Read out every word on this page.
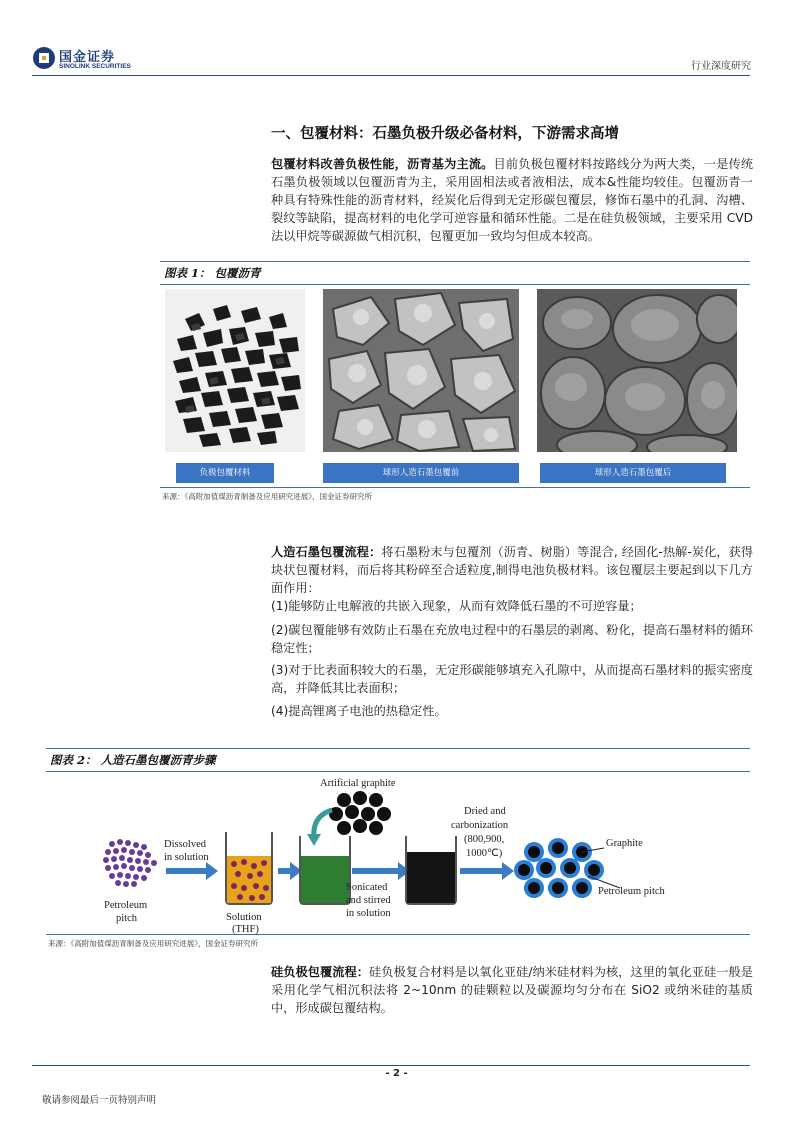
国金证券
SINOLINK SECURITIES	行业深度研究
一、包覆材料：石墨负极升级必备材料，下游需求高增
包覆材料改善负极性能，沥青基为主流。目前负极包覆材料按路线分为两大类，一是传统石墨负极领域以包覆沥青为主，采用固相法或者液相法，成本&性能均较佳。包覆沥青一种具有特殊性能的沥青材料，经炭化后得到无定形碳包覆层，修饰石墨中的孔洞、沟槽、裂纹等缺陷，提高材料的电化学可逆容量和循环性能。二是在硅负极领域，主要采用 CVD 法以甲烷等碳源做气相沉积，包覆更加一致均匀但成本较高。
图表 1： 包覆沥青
负极包覆材料	球形人造石墨包覆前	球形人造石墨包覆后
来源：《高附加值煤沥青制备及应用研究进展》，国金证券研究所
人造石墨包覆流程：将石墨粉末与包覆剂（沥青、树脂）等混合, 经固化-热解-炭化，获得块状包覆材料，而后将其粉碎至合适粒度,制得电池负极材料。该包覆层主要起到以下几方面作用：
(1)能够防止电解液的共嵌入现象，从而有效降低石墨的不可逆容量；
(2)碳包覆能够有效防止石墨在充放电过程中的石墨层的剥离、粉化，提高石墨材料的循环稳定性；
(3)对于比表面积较大的石墨，无定形碳能够填充入孔隙中，从而提高石墨材料的振实密度高，并降低其比表面积；
(4)提高锂离子电池的热稳定性。
图表 2： 人造石墨包覆沥青步骤
Petroleum
pitch
Dissolved
in solution
Solution
(THF)
Artificial graphite
Sonicated
and stirred
in solution
Dried and
carbonization
(800,900,
1000℃)
Graphite
Petroleum pitch
来源：《高附加值煤沥青制备及应用研究进展》，国金证券研究所
硅负极包覆流程：硅负极复合材料是以氧化亚硅/纳米硅材料为核，这里的氧化亚硅一般是采用化学气相沉积法将 2~10nm 的硅颗粒以及碳源均匀分布在 SiO2 或纳米硅的基质中，形成碳包覆结构。
- 2 -
敬请参阅最后一页特别声明
